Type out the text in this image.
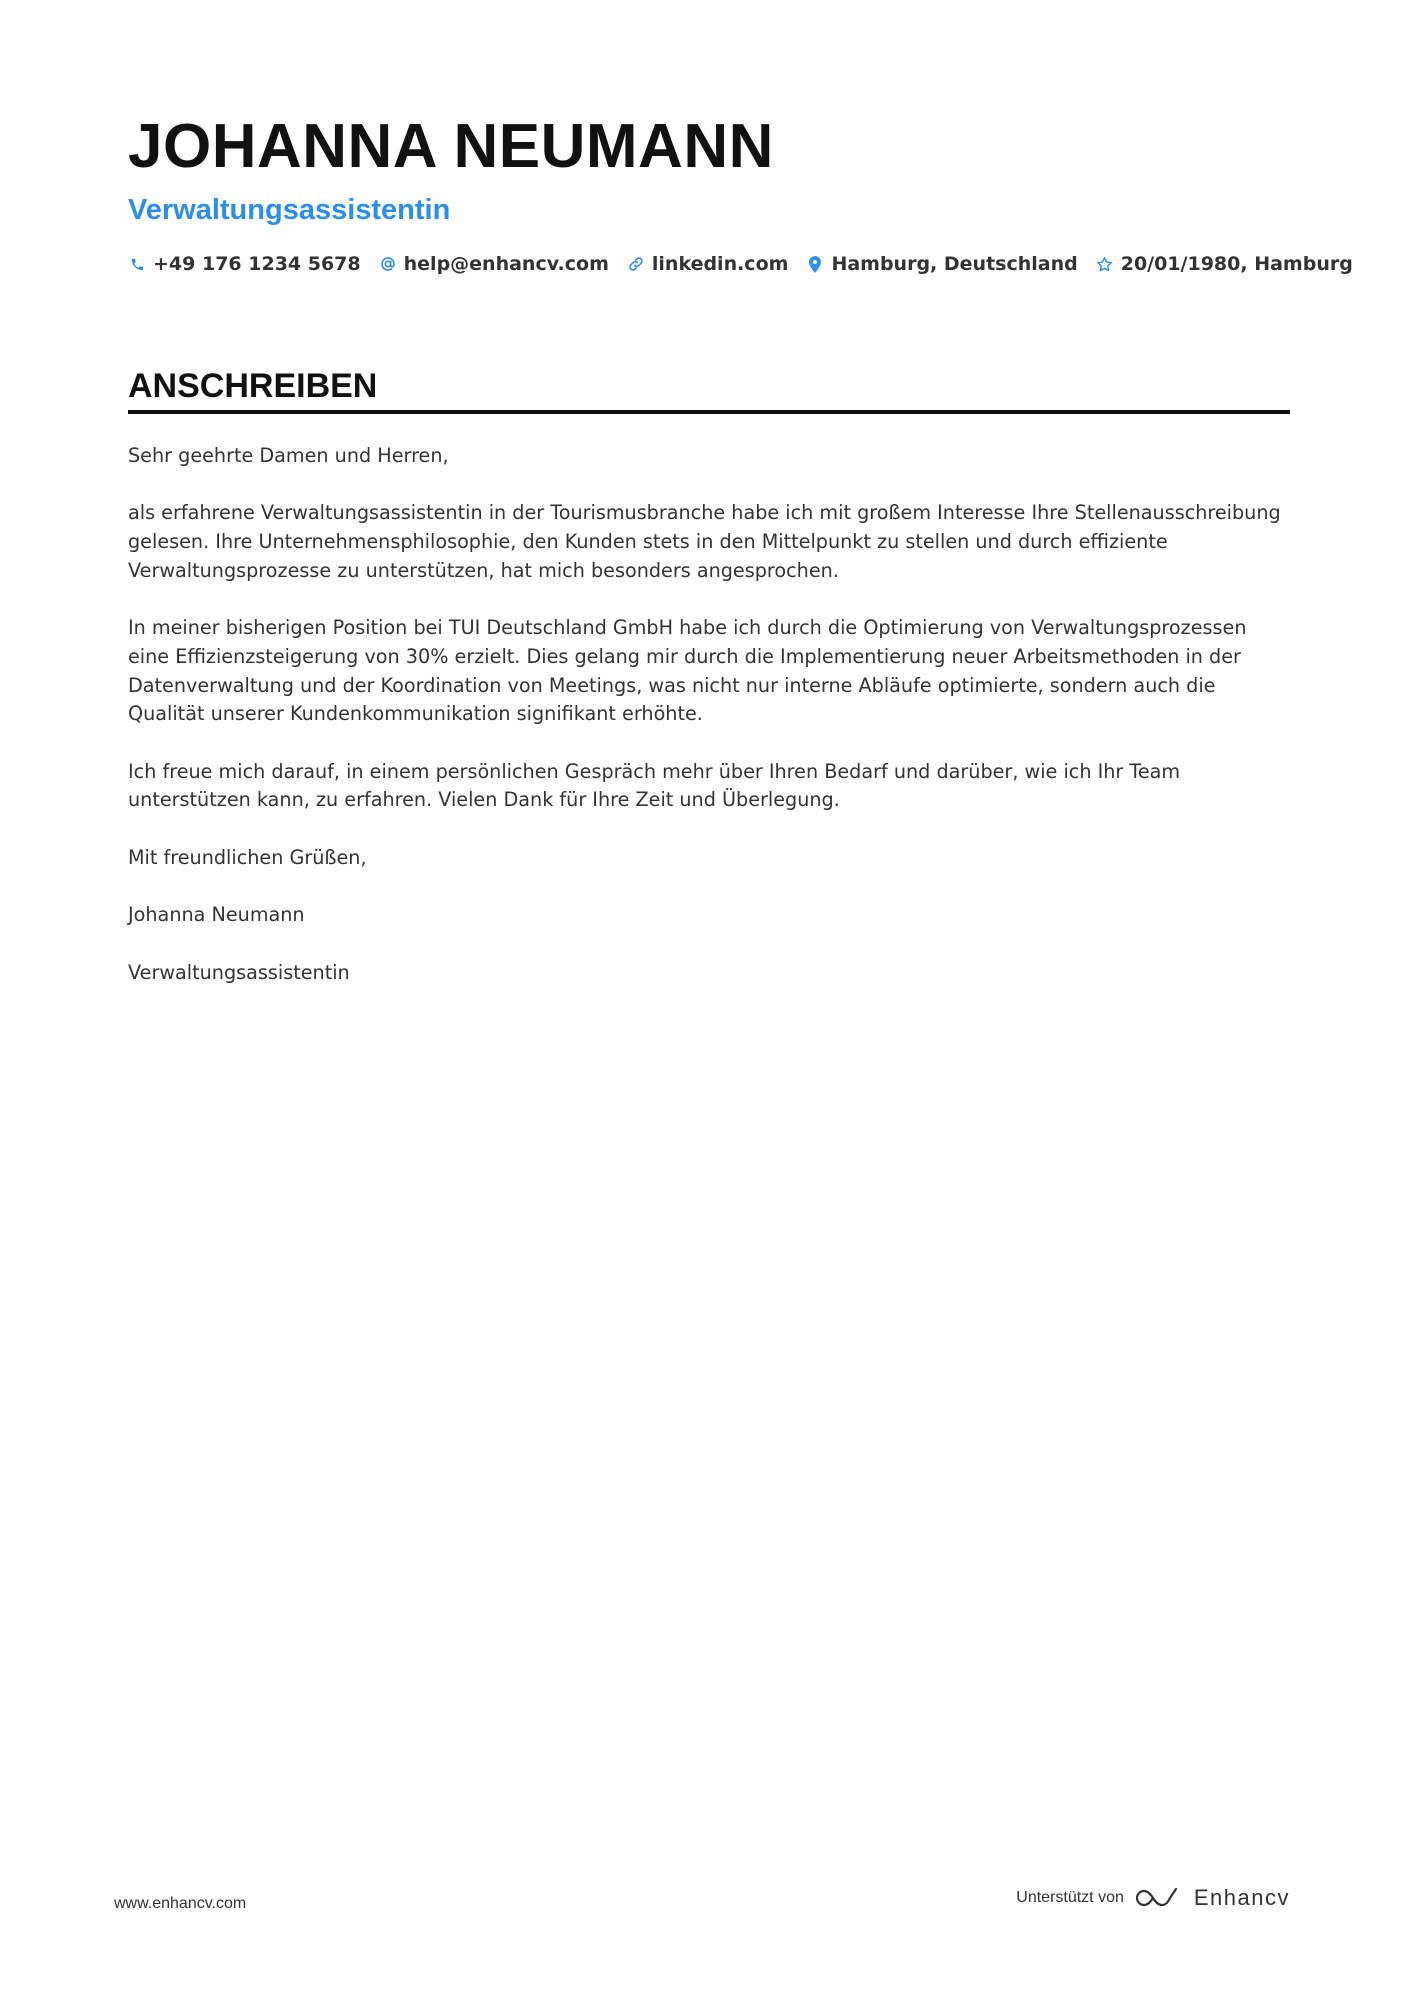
JOHANNA NEUMANN
Verwaltungsassistentin
+49 176 1234 5678 help@enhancv.com linkedin.com Hamburg, Deutschland 20/01/1980, Hamburg
ANSCHREIBEN

Sehr geehrte Damen und Herren,

als erfahrene Verwaltungsassistentin in der Tourismusbranche habe ich mit großem Interesse Ihre Stellenausschreibung gelesen. Ihre Unternehmensphilosophie, den Kunden stets in den Mittelpunkt zu stellen und durch effiziente Verwaltungsprozesse zu unterstützen, hat mich besonders angesprochen.

In meiner bisherigen Position bei TUI Deutschland GmbH habe ich durch die Optimierung von Verwaltungsprozessen eine Effizienzsteigerung von 30% erzielt. Dies gelang mir durch die Implementierung neuer Arbeitsmethoden in der Datenverwaltung und der Koordination von Meetings, was nicht nur interne Abläufe optimierte, sondern auch die Qualität unserer Kundenkommunikation signifikant erhöhte.

Ich freue mich darauf, in einem persönlichen Gespräch mehr über Ihren Bedarf und darüber, wie ich Ihr Team unterstützen kann, zu erfahren. Vielen Dank für Ihre Zeit und Überlegung.

Mit freundlichen Grüßen,

Johanna Neumann

Verwaltungsassistentin

www.enhancv.com	Unterstützt von	Enhancv
